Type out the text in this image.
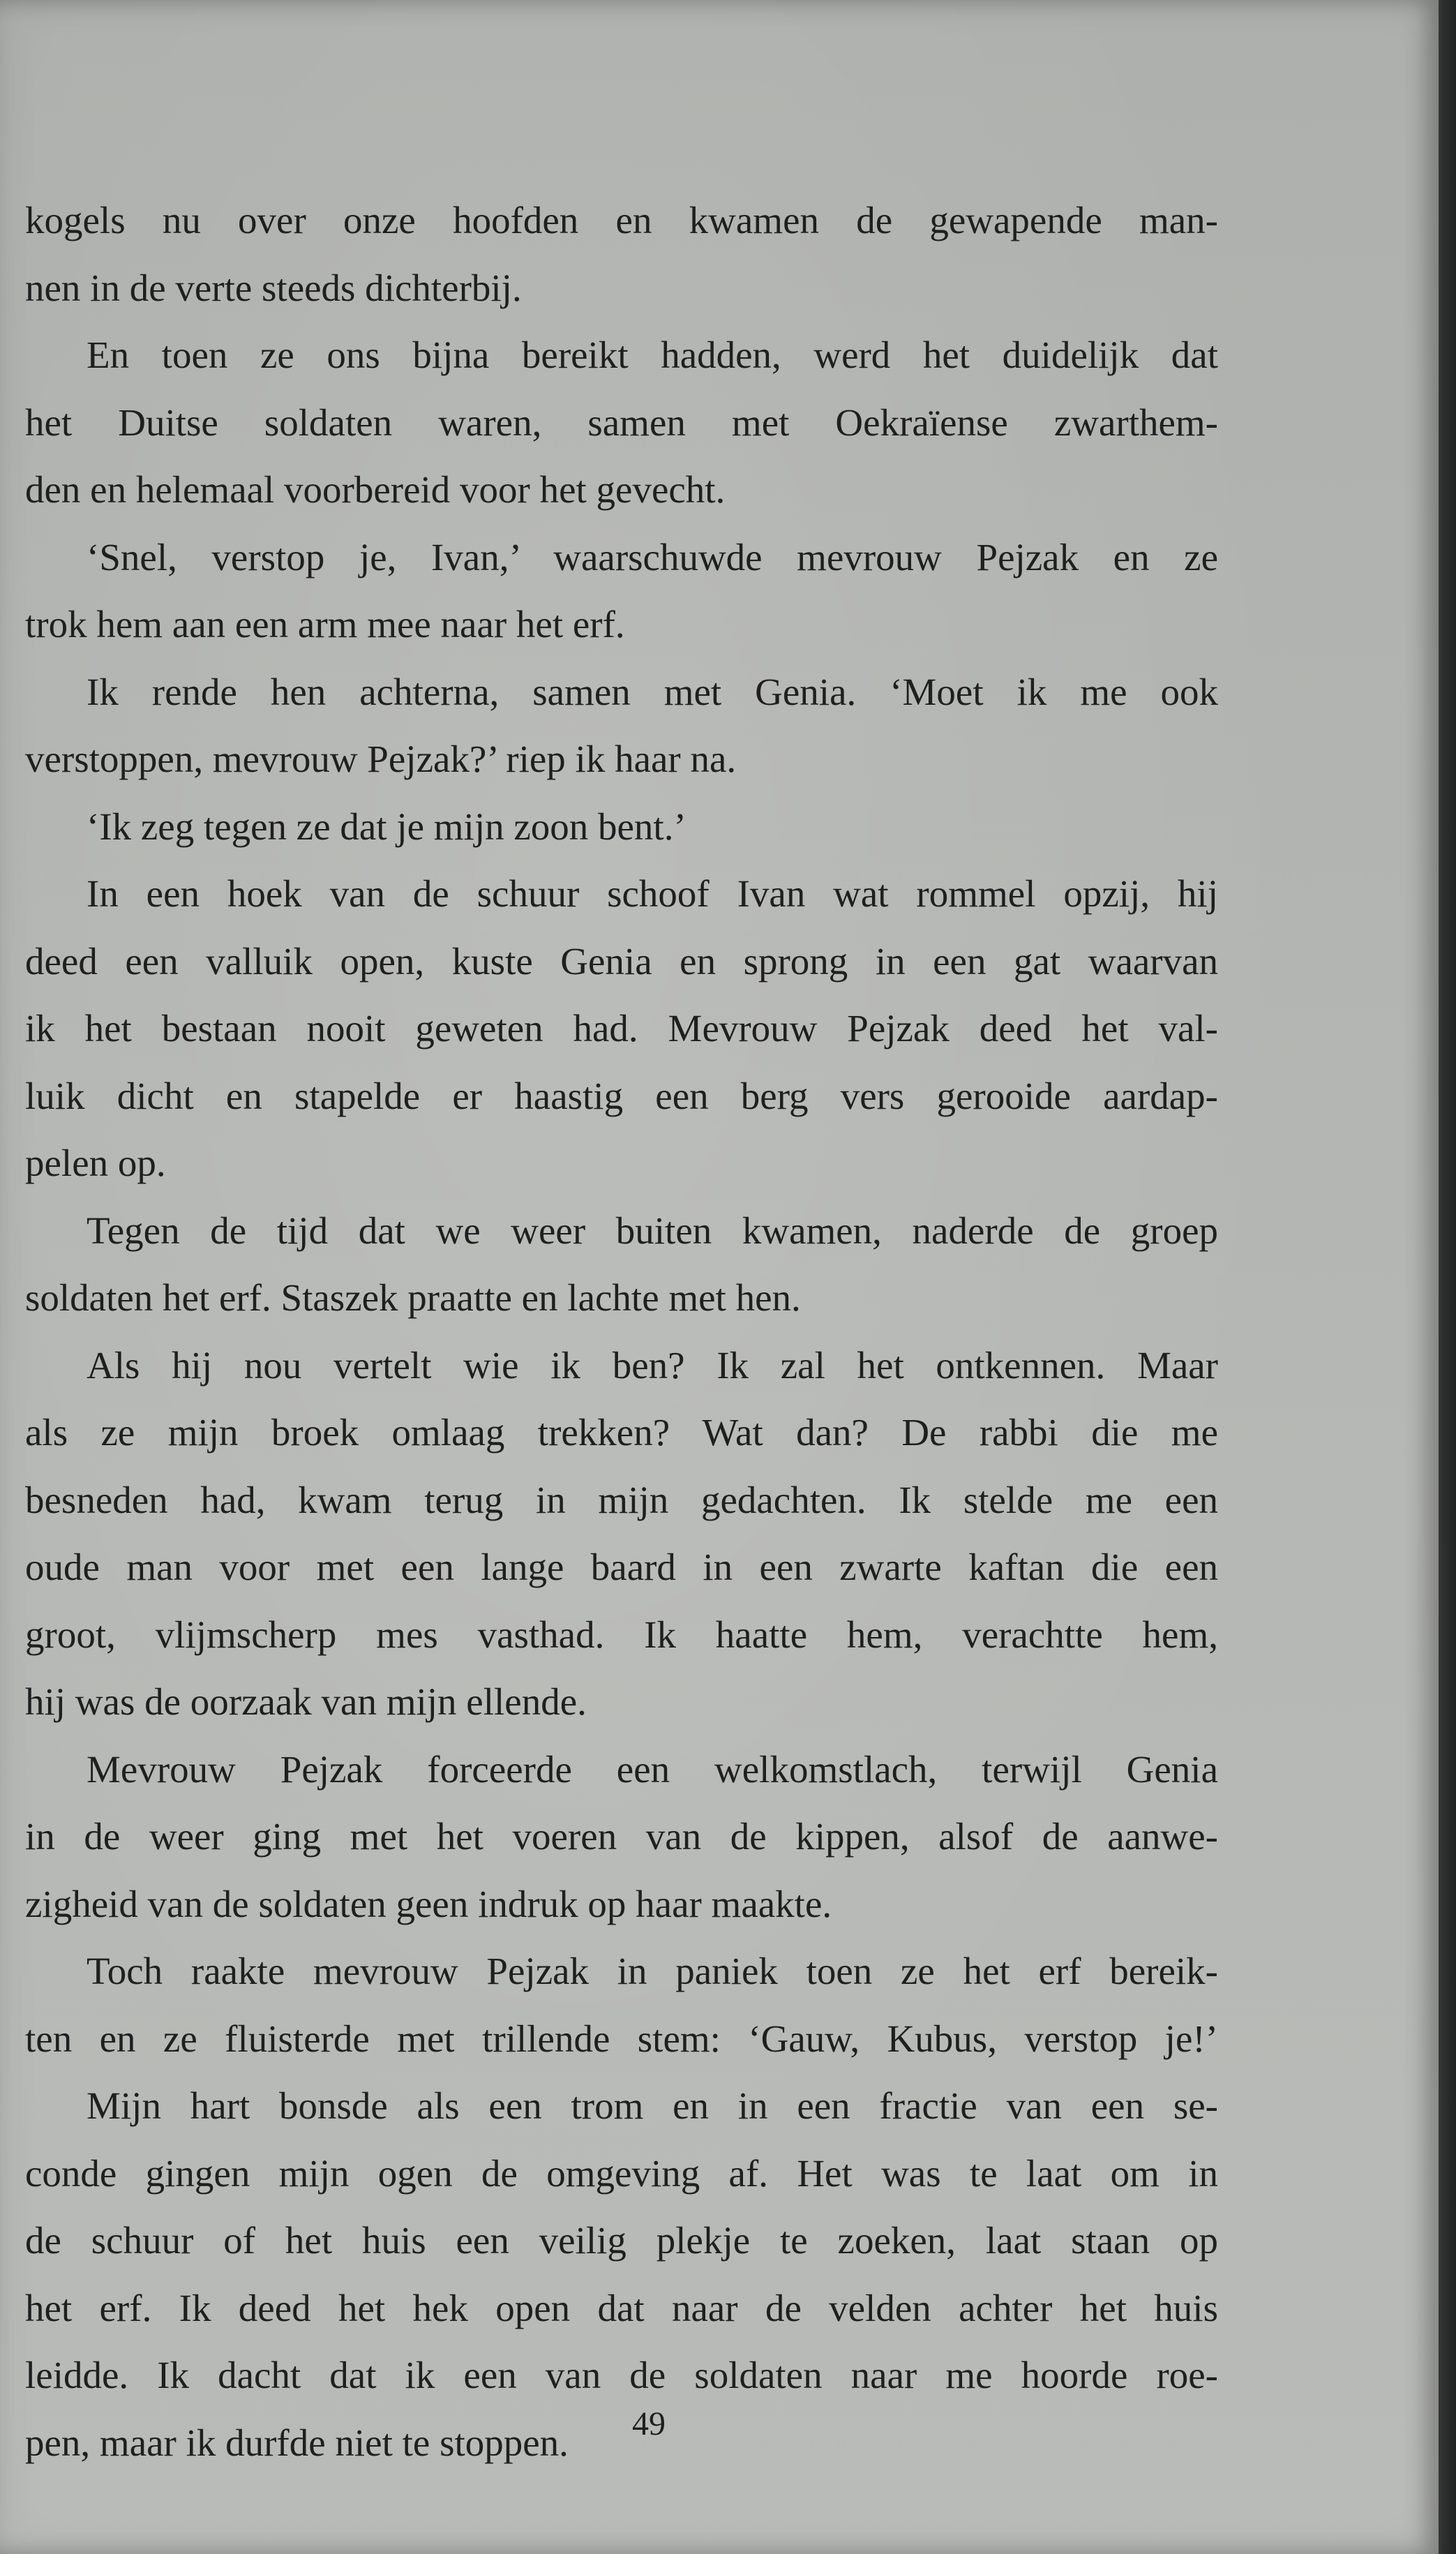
kogels nu over onze hoofden en kwamen de gewapende man-
nen in de verte steeds dichterbij.
En toen ze ons bijna bereikt hadden, werd het duidelijk dat
het Duitse soldaten waren, samen met Oekraïense zwarthem-
den en helemaal voorbereid voor het gevecht.
‘Snel, verstop je, Ivan,’ waarschuwde mevrouw Pejzak en ze
trok hem aan een arm mee naar het erf.
Ik rende hen achterna, samen met Genia. ‘Moet ik me ook
verstoppen, mevrouw Pejzak?’ riep ik haar na.
‘Ik zeg tegen ze dat je mijn zoon bent.’
In een hoek van de schuur schoof Ivan wat rommel opzij, hij
deed een valluik open, kuste Genia en sprong in een gat waarvan
ik het bestaan nooit geweten had. Mevrouw Pejzak deed het val-
luik dicht en stapelde er haastig een berg vers gerooide aardap-
pelen op.
Tegen de tijd dat we weer buiten kwamen, naderde de groep
soldaten het erf. Staszek praatte en lachte met hen.
Als hij nou vertelt wie ik ben? Ik zal het ontkennen. Maar
als ze mijn broek omlaag trekken? Wat dan? De rabbi die me
besneden had, kwam terug in mijn gedachten. Ik stelde me een
oude man voor met een lange baard in een zwarte kaftan die een
groot, vlijmscherp mes vasthad. Ik haatte hem, verachtte hem,
hij was de oorzaak van mijn ellende.
Mevrouw Pejzak forceerde een welkomstlach, terwijl Genia
in de weer ging met het voeren van de kippen, alsof de aanwe-
zigheid van de soldaten geen indruk op haar maakte.
Toch raakte mevrouw Pejzak in paniek toen ze het erf bereik-
ten en ze fluisterde met trillende stem: ‘Gauw, Kubus, verstop je!’
Mijn hart bonsde als een trom en in een fractie van een se-
conde gingen mijn ogen de omgeving af. Het was te laat om in
de schuur of het huis een veilig plekje te zoeken, laat staan op
het erf. Ik deed het hek open dat naar de velden achter het huis
leidde. Ik dacht dat ik een van de soldaten naar me hoorde roe-
pen, maar ik durfde niet te stoppen.	49
